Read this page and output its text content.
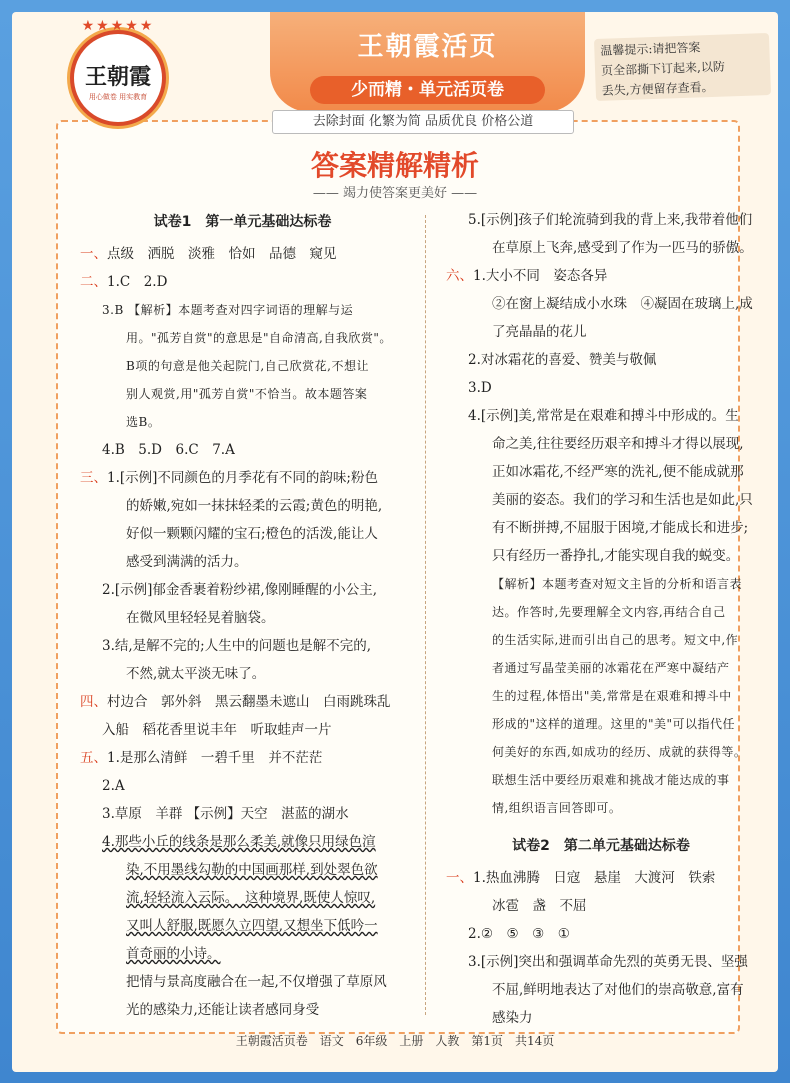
★★★★★
王朝霞
用心做卷 用实教育
王朝霞活页
少而精・单元活页卷
温馨提示:请把答案
页全部撕下订起来,以防
丢失,方便留存查看。
去除封面 化繁为简 品质优良 价格公道
答案精解精析
—— 竭力使答案更美好 ——
试卷1　第一单元基础达标卷
一、点级　洒脱　淡雅　恰如　品德　窥见
二、1.C　2.D
3.B 【解析】本题考查对四字词语的理解与运
用。"孤芳自赏"的意思是"自命清高,自我欣赏"。
B项的句意是他关起院门,自己欣赏花,不想让
别人观赏,用"孤芳自赏"不恰当。故本题答案
选B。
4.B　5.D　6.C　7.A
三、1.[示例]不同颜色的月季花有不同的韵味;粉色
的娇嫩,宛如一抹抹轻柔的云霞;黄色的明艳,
好似一颗颗闪耀的宝石;橙色的活泼,能让人
感受到满满的活力。
2.[示例]郁金香裹着粉纱裙,像刚睡醒的小公主,
在微风里轻轻晃着脑袋。
3.结,是解不完的;人生中的问题也是解不完的,
不然,就太平淡无味了。
四、村边合　郭外斜　黑云翻墨未遮山　白雨跳珠乱
入船　稻花香里说丰年　听取蛙声一片
五、1.是那么清鲜　一碧千里　并不茫茫
2.A
3.草原　羊群 【示例】天空　湛蓝的湖水
4.那些小丘的线条是那么柔美,就像只用绿色渲
染,不用墨线勾勒的中国画那样,到处翠色欲
流,轻轻流入云际。　这种境界,既使人惊叹,
又叫人舒服,既愿久立四望,又想坐下低吟一
首奇丽的小诗。
把情与景高度融合在一起,不仅增强了草原风
光的感染力,还能让读者感同身受
5.[示例]孩子们轮流骑到我的背上来,我带着他们
在草原上飞奔,感受到了作为一匹马的骄傲。
六、1.大小不同　姿态各异
②在窗上凝结成小水珠　④凝固在玻璃上,成
了亮晶晶的花儿
2.对冰霜花的喜爱、赞美与敬佩
3.D
4.[示例]美,常常是在艰难和搏斗中形成的。生
命之美,往往要经历艰辛和搏斗才得以展现,
正如冰霜花,不经严寒的洗礼,便不能成就那
美丽的姿态。我们的学习和生活也是如此,只
有不断拼搏,不屈服于困境,才能成长和进步;
只有经历一番挣扎,才能实现自我的蜕变。
【解析】本题考查对短文主旨的分析和语言表
达。作答时,先要理解全文内容,再结合自己
的生活实际,进而引出自己的思考。短文中,作
者通过写晶莹美丽的冰霜花在严寒中凝结产
生的过程,体悟出"美,常常是在艰难和搏斗中
形成的"这样的道理。这里的"美"可以指代任
何美好的东西,如成功的经历、成就的获得等。
联想生活中要经历艰难和挑战才能达成的事
情,组织语言回答即可。
试卷2　第二单元基础达标卷
一、1.热血沸腾　日寇　悬崖　大渡河　铁索
冰雹　盏　不屈
2.②　⑤　③　①
3.[示例]突出和强调革命先烈的英勇无畏、坚强
不屈,鲜明地表达了对他们的崇高敬意,富有
感染力
王朝霞活页卷　语文　6年级　上册　人教　第1页　共14页
